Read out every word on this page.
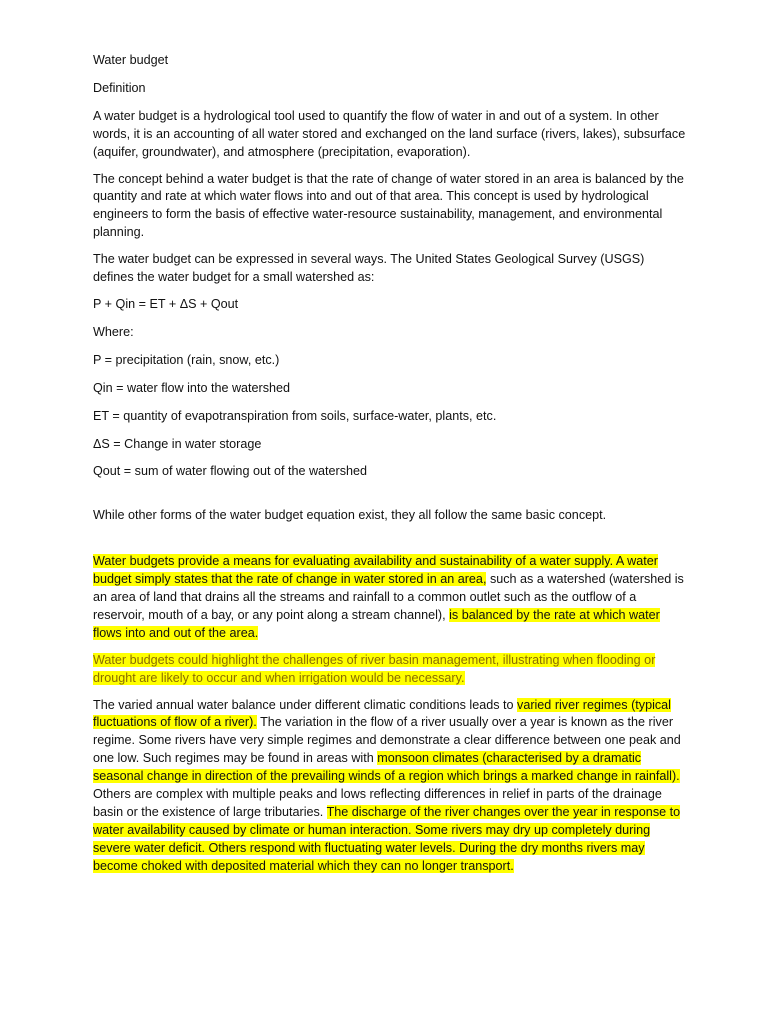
Water budget

Definition

A water budget is a hydrological tool used to quantify the flow of water in and out of a system. In other words, it is an accounting of all water stored and exchanged on the land surface (rivers, lakes), subsurface (aquifer, groundwater), and atmosphere (precipitation, evaporation).

The concept behind a water budget is that the rate of change of water stored in an area is balanced by the quantity and rate at which water flows into and out of that area. This concept is used by hydrological engineers to form the basis of effective water-resource sustainability, management, and environmental planning.

The water budget can be expressed in several ways. The United States Geological Survey (USGS) defines the water budget for a small watershed as:

P + Qin = ET + ΔS + Qout

Where:

P = precipitation (rain, snow, etc.)

Qin = water flow into the watershed

ET = quantity of evapotranspiration from soils, surface-water, plants, etc.

ΔS = Change in water storage

Qout = sum of water flowing out of the watershed

While other forms of the water budget equation exist, they all follow the same basic concept.

Water budgets provide a means for evaluating availability and sustainability of a water supply. A water budget simply states that the rate of change in water stored in an area, such as a watershed (watershed is an area of land that drains all the streams and rainfall to a common outlet such as the outflow of a reservoir, mouth of a bay, or any point along a stream channel), is balanced by the rate at which water flows into and out of the area.

Water budgets could highlight the challenges of river basin management, illustrating when flooding or drought are likely to occur and when irrigation would be necessary.

The varied annual water balance under different climatic conditions leads to varied river regimes (typical fluctuations of flow of a river). The variation in the flow of a river usually over a year is known as the river regime. Some rivers have very simple regimes and demonstrate a clear difference between one peak and one low. Such regimes may be found in areas with monsoon climates (characterised by a dramatic seasonal change in direction of the prevailing winds of a region which brings a marked change in rainfall). Others are complex with multiple peaks and lows reflecting differences in relief in parts of the drainage basin or the existence of large tributaries. The discharge of the river changes over the year in response to water availability caused by climate or human interaction. Some rivers may dry up completely during severe water deficit. Others respond with fluctuating water levels. During the dry months rivers may become choked with deposited material which they can no longer transport.
